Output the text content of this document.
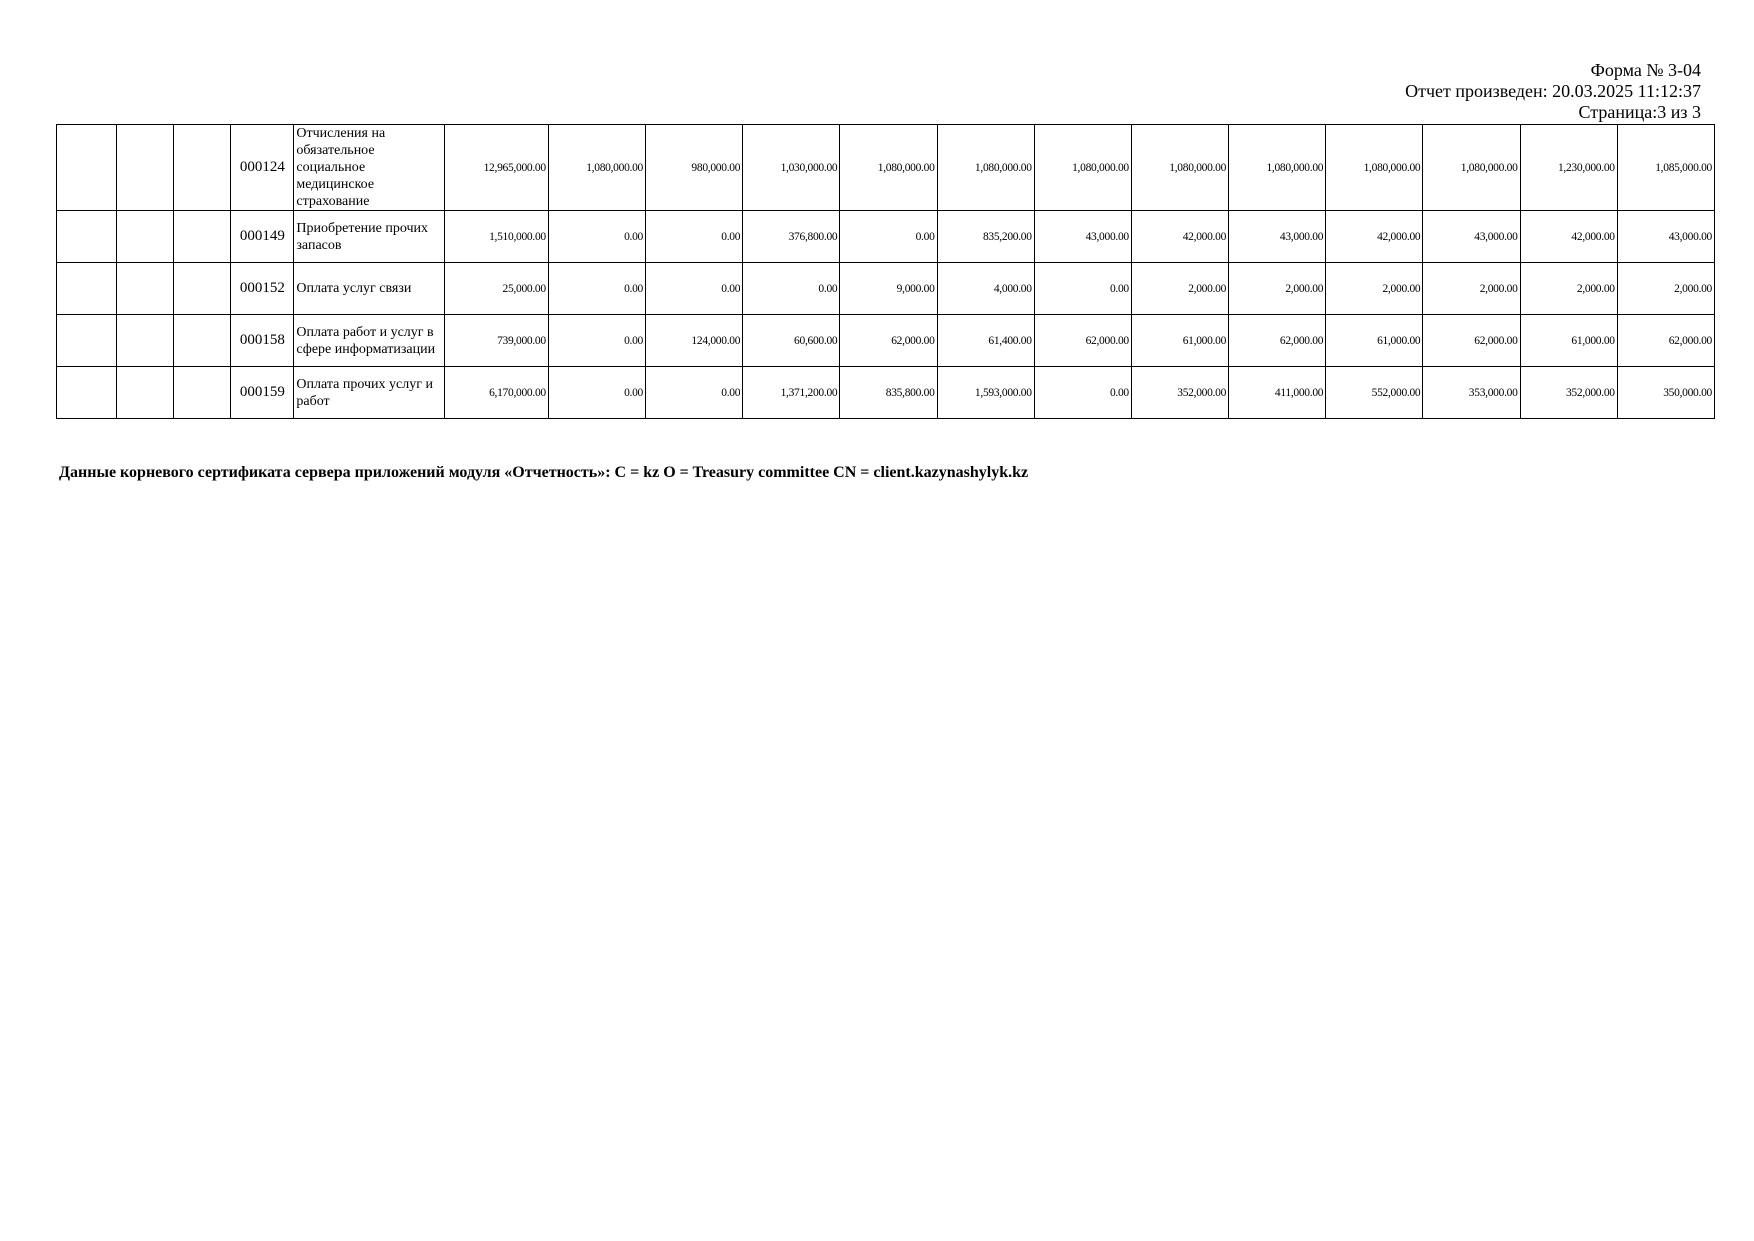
Форма № 3-04
Отчет произведен: 20.03.2025 11:12:37
Страница:3 из 3
			000124	Отчисления на обязательное социальное медицинское страхование	12,965,000.00	1,080,000.00	980,000.00	1,030,000.00	1,080,000.00	1,080,000.00	1,080,000.00	1,080,000.00	1,080,000.00	1,080,000.00	1,080,000.00	1,230,000.00	1,085,000.00
			000149	Приобретение прочих запасов	1,510,000.00	0.00	0.00	376,800.00	0.00	835,200.00	43,000.00	42,000.00	43,000.00	42,000.00	43,000.00	42,000.00	43,000.00
			000152	Оплата услуг связи	25,000.00	0.00	0.00	0.00	9,000.00	4,000.00	0.00	2,000.00	2,000.00	2,000.00	2,000.00	2,000.00	2,000.00
			000158	Оплата работ и услуг в сфере информатизации	739,000.00	0.00	124,000.00	60,600.00	62,000.00	61,400.00	62,000.00	61,000.00	62,000.00	61,000.00	62,000.00	61,000.00	62,000.00
			000159	Оплата прочих услуг и работ	6,170,000.00	0.00	0.00	1,371,200.00	835,800.00	1,593,000.00	0.00	352,000.00	411,000.00	552,000.00	353,000.00	352,000.00	350,000.00
Данные корневого сертификата сервера приложений модуля «Отчетность»: C = kz O = Treasury committee CN = client.kazynashylyk.kz
